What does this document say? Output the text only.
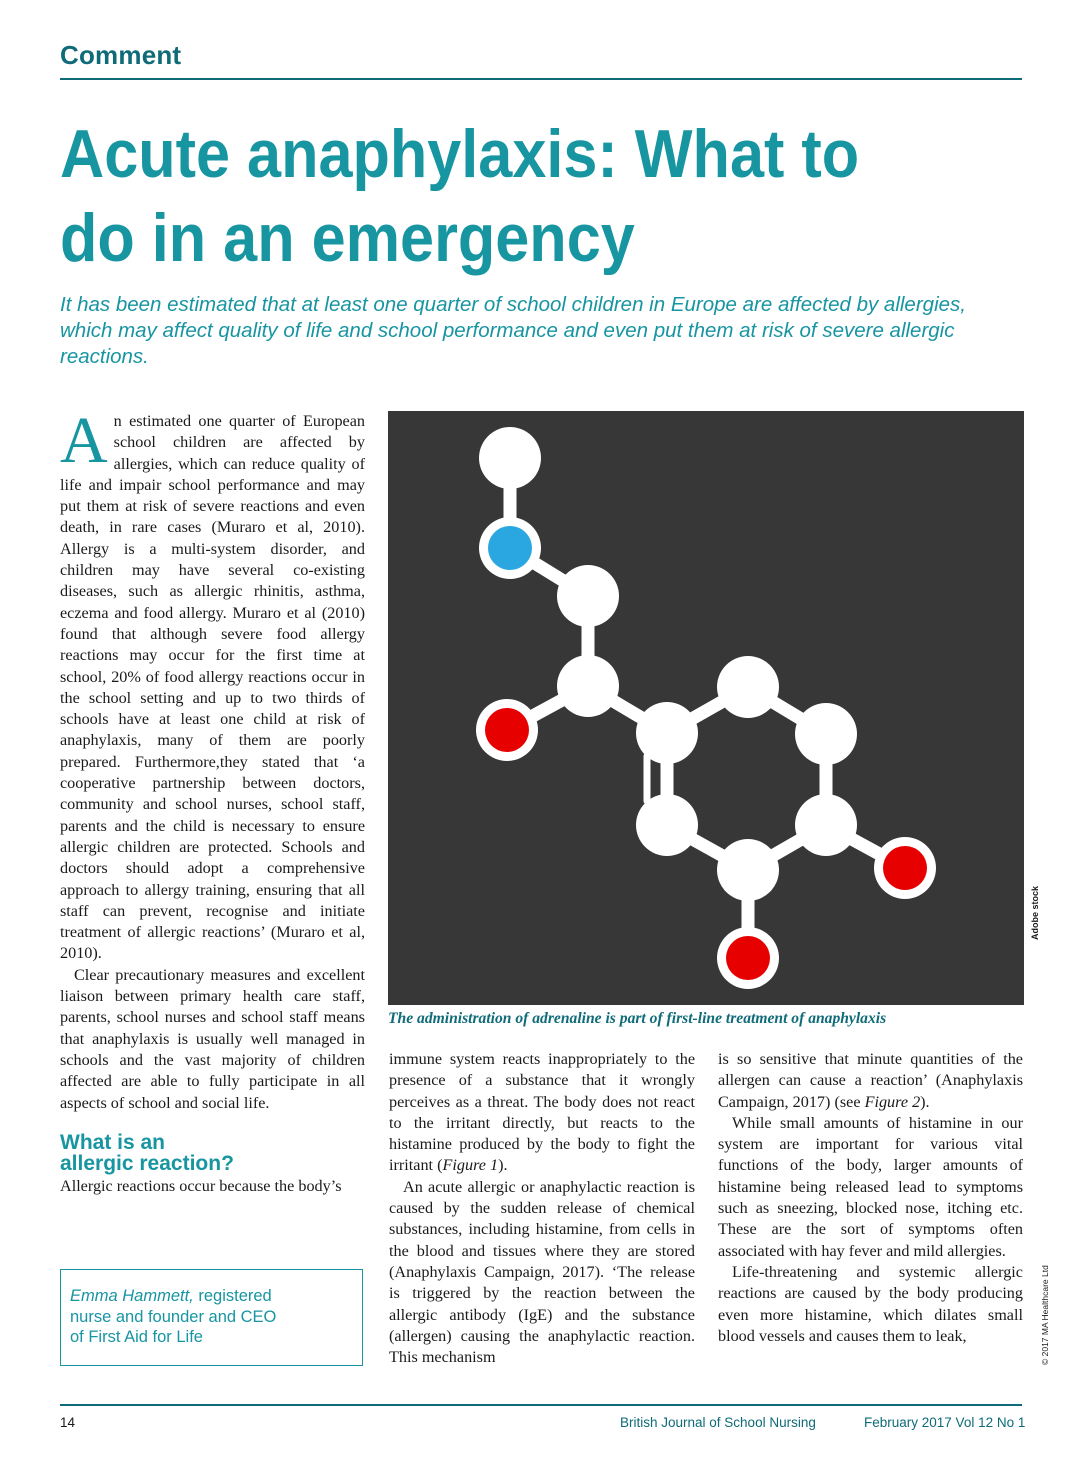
Comment
Acute anaphylaxis: What to
do in an emergency

It has been estimated that at least one quarter of school children in Europe are affected by allergies, which may affect quality of life and school performance and even put them at risk of severe allergic reactions.

An estimated one quarter of European school children are affected by allergies, which can reduce quality of life and impair school performance and may put them at risk of severe reactions and even death, in rare cases (Muraro et al, 2010). Allergy is a multi-system disorder, and children may have several co-existing diseases, such as allergic rhinitis, asthma, eczema and food allergy. Muraro et al (2010) found that although severe food allergy reactions may occur for the first time at school, 20% of food allergy reactions occur in the school setting and up to two thirds of schools have at least one child at risk of anaphylaxis, many of them are poorly prepared. Furthermore,they stated that ‘a cooperative partnership between doctors, community and school nurses, school staff, parents and the child is necessary to ensure allergic children are protected. Schools and doctors should adopt a comprehensive approach to allergy training, ensuring that all staff can prevent, recognise and initiate treatment of allergic reactions’ (Muraro et al, 2010).

Clear precautionary measures and excellent liaison between primary health care staff, parents, school nurses and school staff means that anaphylaxis is usually well managed in schools and the vast majority of children affected are able to fully participate in all aspects of school and social life.

What is an
allergic reaction?

Allergic reactions occur because the body’s

Emma Hammett, registered
nurse and founder and CEO
of First Aid for Life
Adobe stock
The administration of adrenaline is part of first-line treatment of anaphylaxis

immune system reacts inappropriately to the presence of a substance that it wrongly perceives as a threat. The body does not react to the irritant directly, but reacts to the histamine produced by the body to fight the irritant (Figure 1).

An acute allergic or anaphylactic reaction is caused by the sudden release of chemical substances, including histamine, from cells in the blood and tissues where they are stored (Anaphylaxis Campaign, 2017). ‘The release is triggered by the reaction between the allergic antibody (IgE) and the substance (allergen) causing the anaphylactic reaction. This mechanism

is so sensitive that minute quantities of the allergen can cause a reaction’ (Anaphylaxis Campaign, 2017) (see Figure 2).

While small amounts of histamine in our system are important for various vital functions of the body, larger amounts of histamine being released lead to symptoms such as sneezing, blocked nose, itching etc. These are the sort of symptoms often associated with hay fever and mild allergies.

Life-threatening and systemic allergic reactions are caused by the body producing even more histamine, which dilates small blood vessels and causes them to leak,	© 2017 MA Healthcare Ltd
14	British Journal of School Nursing	February 2017 Vol 12 No 1
